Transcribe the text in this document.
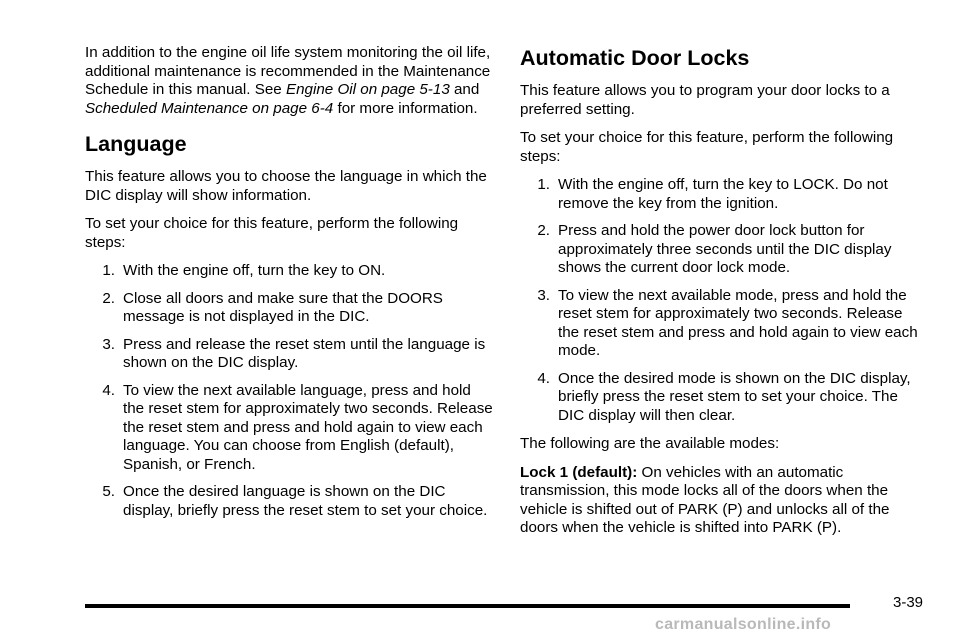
In addition to the engine oil life system monitoring the oil life, additional maintenance is recommended in the Maintenance Schedule in this manual. See Engine Oil on page 5-13 and Scheduled Maintenance on page 6-4 for more information.

Language

This feature allows you to choose the language in which the DIC display will show information.

To set your choice for this feature, perform the following steps:

1. With the engine off, turn the key to ON.
2. Close all doors and make sure that the DOORS message is not displayed in the DIC.
3. Press and release the reset stem until the language is shown on the DIC display.
4. To view the next available language, press and hold the reset stem for approximately two seconds. Release the reset stem and press and hold again to view each language. You can choose from English (default), Spanish, or French.
5. Once the desired language is shown on the DIC display, briefly press the reset stem to set your choice.
Automatic Door Locks

This feature allows you to program your door locks to a preferred setting.

To set your choice for this feature, perform the following steps:

1. With the engine off, turn the key to LOCK. Do not remove the key from the ignition.
2. Press and hold the power door lock button for approximately three seconds until the DIC display shows the current door lock mode.
3. To view the next available mode, press and hold the reset stem for approximately two seconds. Release the reset stem and press and hold again to view each mode.
4. Once the desired mode is shown on the DIC display, briefly press the reset stem to set your choice. The DIC display will then clear.

The following are the available modes:

Lock 1 (default): On vehicles with an automatic transmission, this mode locks all of the doors when the vehicle is shifted out of PARK (P) and unlocks all of the doors when the vehicle is shifted into PARK (P).

3-39
carmanualsonline.info
